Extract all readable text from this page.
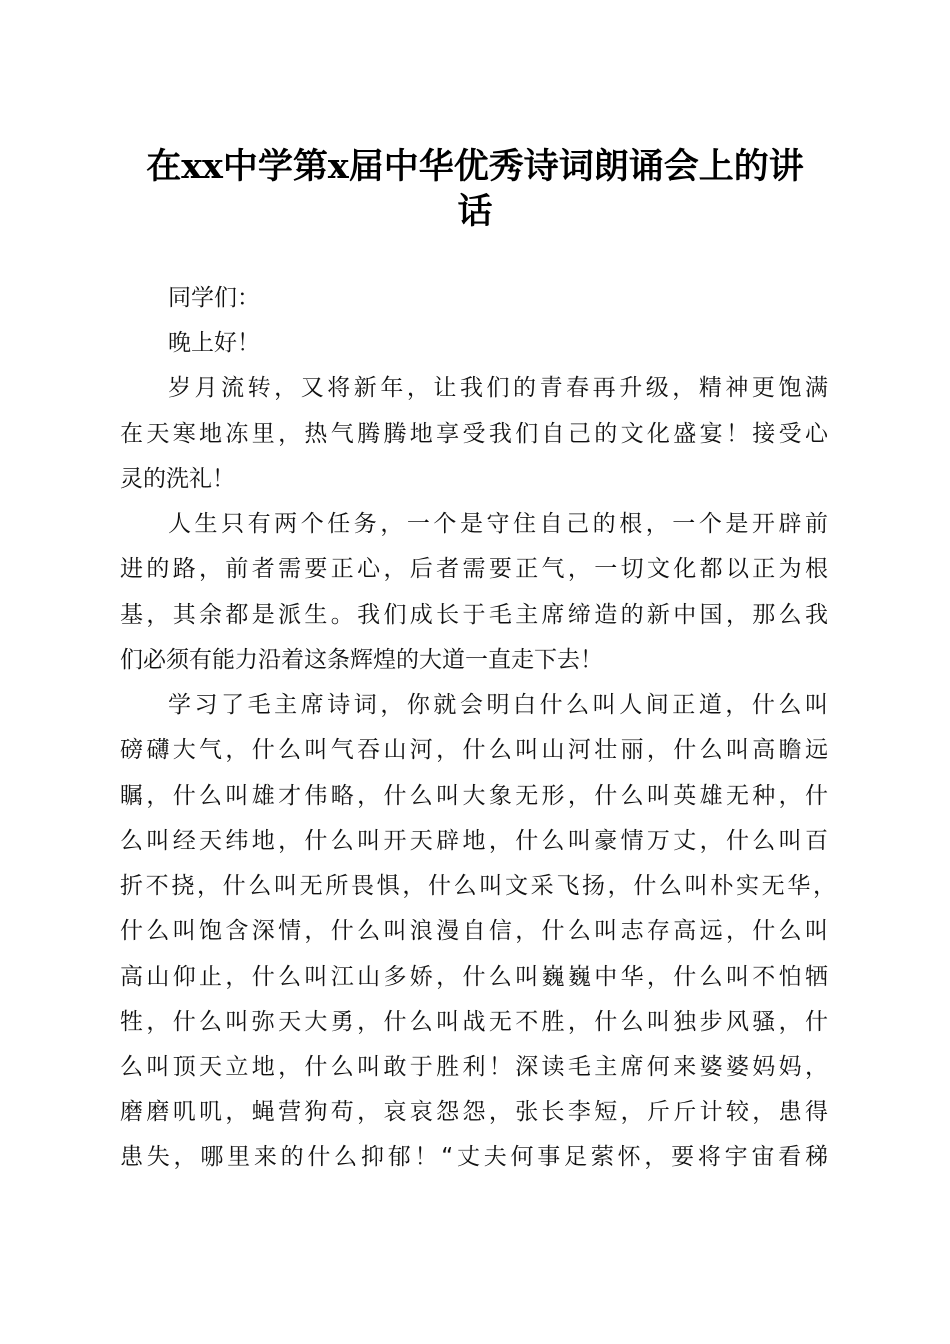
在xx中学第x届中华优秀诗词朗诵会上的讲
话
同学们：
晚上好！
岁月流转，又将新年，让我们的青春再升级，精神更饱满
在天寒地冻里，热气腾腾地享受我们自己的文化盛宴！接受心
灵的洗礼！
人生只有两个任务，一个是守住自己的根，一个是开辟前
进的路，前者需要正心，后者需要正气，一切文化都以正为根
基，其余都是派生。我们成长于毛主席缔造的新中国，那么我
们必须有能力沿着这条辉煌的大道一直走下去！
学习了毛主席诗词，你就会明白什么叫人间正道，什么叫
磅礴大气，什么叫气吞山河，什么叫山河壮丽，什么叫高瞻远
瞩，什么叫雄才伟略，什么叫大象无形，什么叫英雄无种，什
么叫经天纬地，什么叫开天辟地，什么叫豪情万丈，什么叫百
折不挠，什么叫无所畏惧，什么叫文采飞扬，什么叫朴实无华，
什么叫饱含深情，什么叫浪漫自信，什么叫志存高远，什么叫
高山仰止，什么叫江山多娇，什么叫巍巍中华，什么叫不怕牺
牲，什么叫弥天大勇，什么叫战无不胜，什么叫独步风骚，什
么叫顶天立地，什么叫敢于胜利！深读毛主席何来婆婆妈妈，
磨磨叽叽，蝇营狗苟，哀哀怨怨，张长李短，斤斤计较，患得
患失，哪里来的什么抑郁！“丈夫何事足萦怀，要将宇宙看稊
